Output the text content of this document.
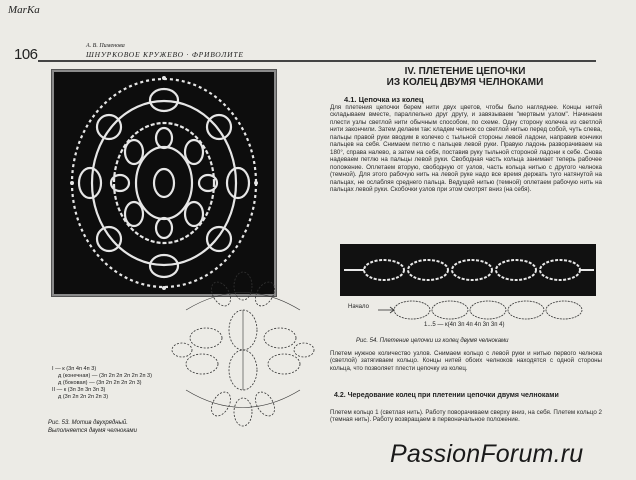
MarKa
106	А. В. Пименова
ШНУРКОВОЕ КРУЖЕВО · ФРИВОЛИТЕ
IV. ПЛЕТЕНИЕ ЦЕПОЧКИ
ИЗ КОЛЕЦ ДВУМЯ ЧЕЛНОКАМИ
4.1. Цепочка из колец
Для плетения цепочки берем нити двух цветов, чтобы было нагляднее. Концы нитей складываем вместе, параллельно друг другу, и завязываем "мертвым узлом". Начинаем плести узлы светлой нити обычным способом, по схеме. Одну сторону колечка из светлой нити закончили. Затем делаем так: кладем челнок со светлой нитью перед собой, чуть слева, пальцы правой руки вводим в колечко с тыльной стороны левой ладони, направив кончики пальцев на себя. Снимаем петлю с пальцев левой руки. Правую ладонь разворачиваем на 180°, справа налево, а затем на себя, поставив руку тыльной стороной ладони к себе. Снова надеваем петлю на пальцы левой руки. Свободная часть кольца занимает теперь рабочее положение. Оплетаем вторую, свободную от узлов, часть кольца нитью с другого челнока (темной). Для этого рабочую нить на левой руке надо все время держать туго натянутой на пальцах, не ослабляя среднего пальца. Ведущей нитью (темной) оплетаем рабочую нить на пальцах левой руки. Скобочки узлов при этом смотрят вниз (на себя).
Начало
1...5 — к(4п 3п 4п 4п 3п 3п 4)
Рис. 54. Плетение цепочки из колец двумя челноками
Плетем нужное количество узлов. Снимаем кольцо с левой руки и нитью первого челнока (светлой) затягиваем кольцо. Концы нитей обоих челноков находятся с одной стороны кольца, что позволяет плести цепочку из колец.
4.2. Чередование колец при плетении цепочки двумя челноками
Плетем кольцо 1 (светлая нить). Работу поворачиваем сверху вниз, на себя. Плетем кольцо 2 (темная нить). Работу возвращаем в первоначальное положение.
I — к (3п 4п 4п 3)
д (конечная) — (3п 2п 2п 2п 2п 2п 3)
д (боковая) — (3п 2п 2п 2п 2п 3)
II — к (3п 3п 3п 3п 3)
д (3п 2п 2п 2п 2п 3)
Рис. 53. Мотив двухрядный.
Выполняется двумя челноками
PassionForum.ru
